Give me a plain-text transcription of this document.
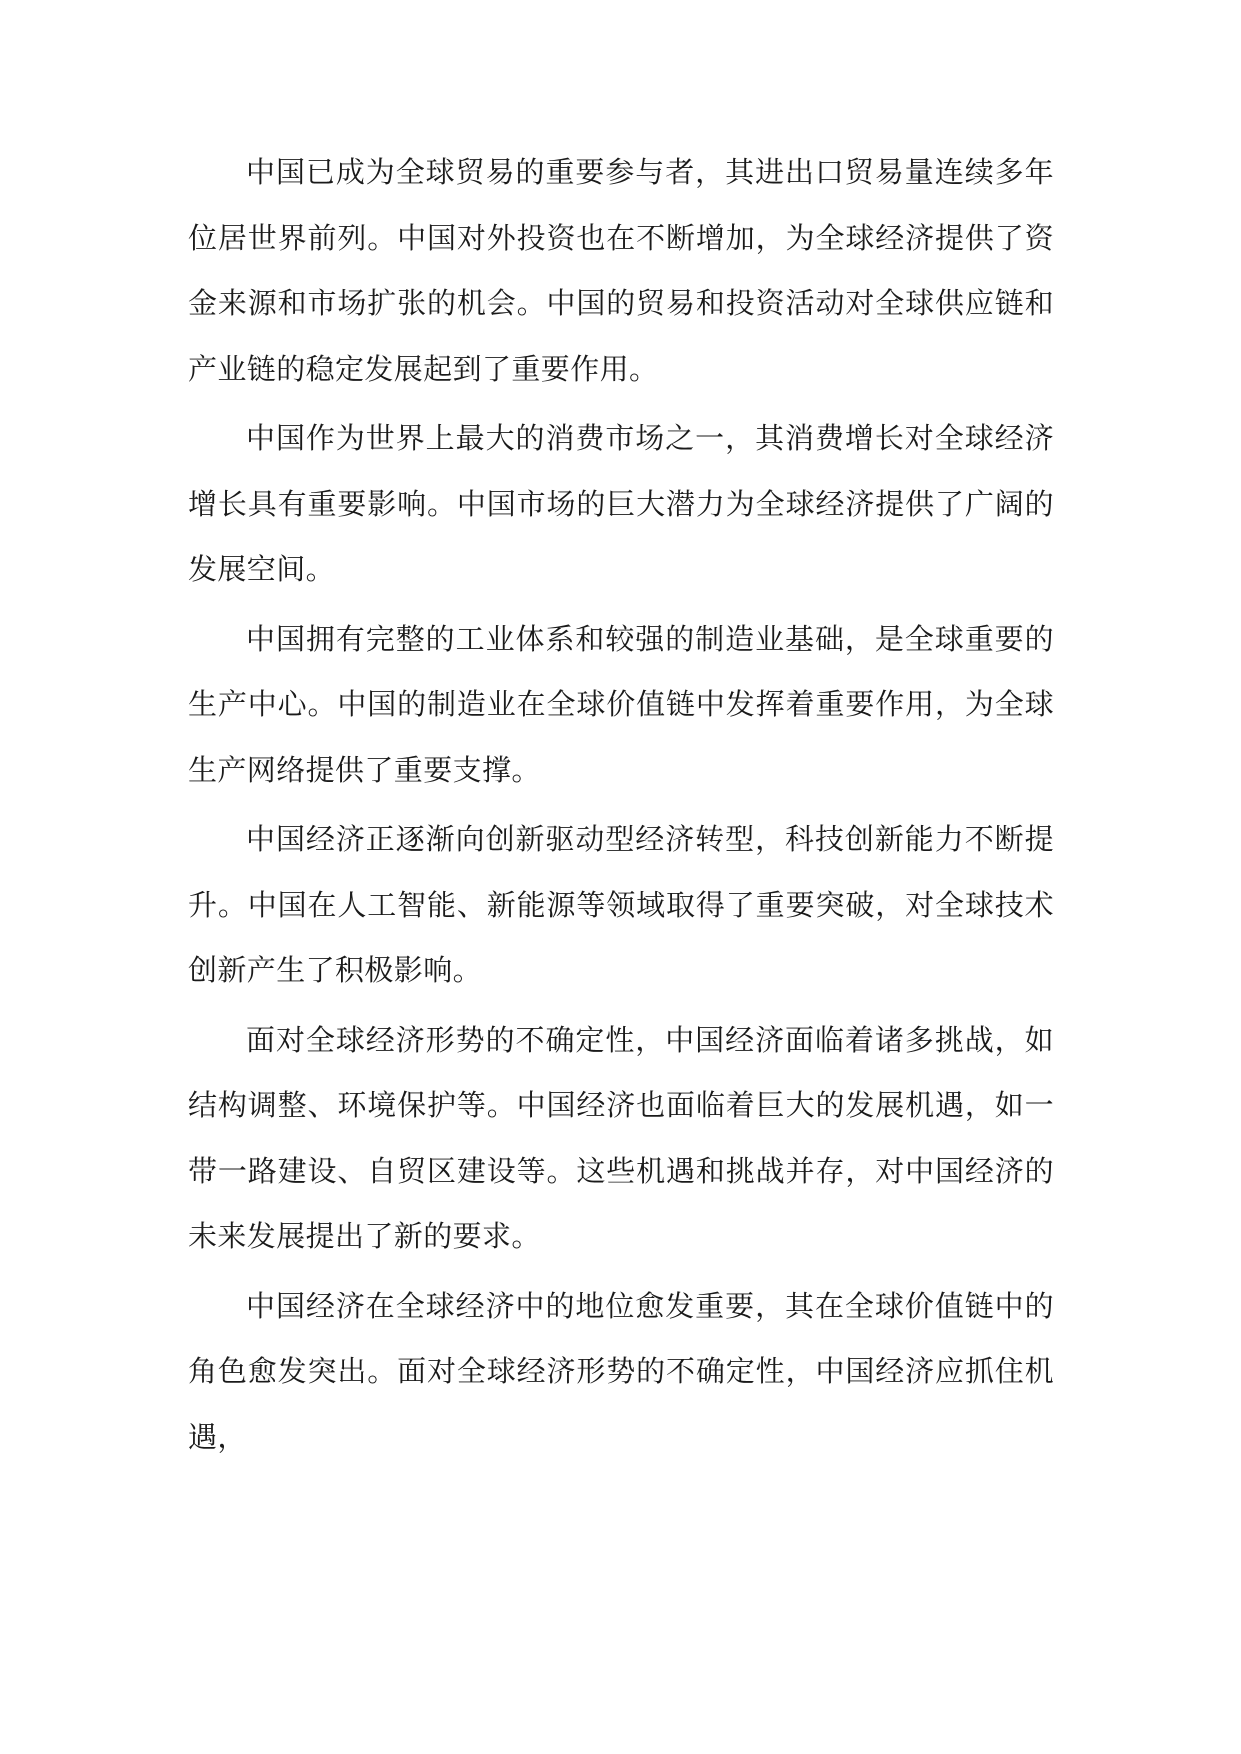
中国已成为全球贸易的重要参与者，其进出口贸易量连续多年位居世界前列。中国对外投资也在不断增加，为全球经济提供了资金来源和市场扩张的机会。中国的贸易和投资活动对全球供应链和产业链的稳定发展起到了重要作用。

中国作为世界上最大的消费市场之一，其消费增长对全球经济增长具有重要影响。中国市场的巨大潜力为全球经济提供了广阔的发展空间。

中国拥有完整的工业体系和较强的制造业基础，是全球重要的生产中心。中国的制造业在全球价值链中发挥着重要作用，为全球生产网络提供了重要支撑。

中国经济正逐渐向创新驱动型经济转型，科技创新能力不断提升。中国在人工智能、新能源等领域取得了重要突破，对全球技术创新产生了积极影响。

面对全球经济形势的不确定性，中国经济面临着诸多挑战，如结构调整、环境保护等。中国经济也面临着巨大的发展机遇，如一带一路建设、自贸区建设等。这些机遇和挑战并存，对中国经济的未来发展提出了新的要求。

中国经济在全球经济中的地位愈发重要，其在全球价值链中的角色愈发突出。面对全球经济形势的不确定性，中国经济应抓住机遇，
